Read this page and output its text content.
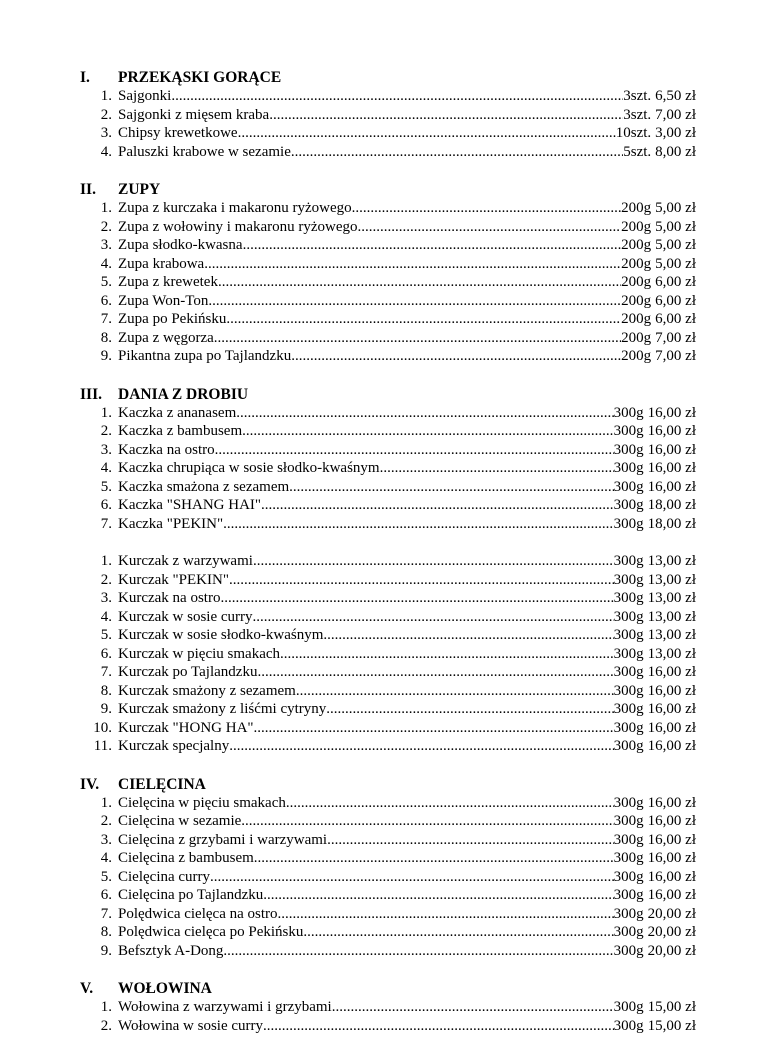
I.	PRZEKĄSKI GORĄCE
1. Sajgonki .....	3szt. 6,50 zł
2. Sajgonki z mięsem kraba .....	3szt. 7,00 zł
3. Chipsy krewetkowe .....	10szt. 3,00 zł
4. Paluszki krabowe w sezamie .....	5szt. 8,00 zł
II.	ZUPY
1. Zupa z kurczaka i makaronu ryżowego .....	200g 5,00 zł
2. Zupa z wołowiny i makaronu ryżowego .....	200g 5,00 zł
3. Zupa słodko-kwasna .....	200g 5,00 zł
4. Zupa krabowa .....	200g 5,00 zł
5. Zupa z krewetek .....	200g 6,00 zł
6. Zupa Won-Ton .....	200g 6,00 zł
7. Zupa po Pekińsku .....	200g 6,00 zł
8. Zupa z węgorza .....	200g 7,00 zł
9. Pikantna zupa po Tajlandzku .....	200g 7,00 zł
III.	DANIA Z DROBIU
1. Kaczka z ananasem .....	300g 16,00 zł
2. Kaczka z bambusem .....	300g 16,00 zł
3. Kaczka na ostro .....	300g 16,00 zł
4. Kaczka chrupiąca w sosie słodko-kwaśnym .....	300g 16,00 zł
5. Kaczka smażona z sezamem .....	300g 16,00 zł
6. Kaczka "SHANG HAI" .....	300g 18,00 zł
7. Kaczka "PEKIN" .....	300g 18,00 zł
1. Kurczak z warzywami .....	300g 13,00 zł
2. Kurczak "PEKIN" .....	300g 13,00 zł
3. Kurczak na ostro .....	300g 13,00 zł
4. Kurczak w sosie curry .....	300g 13,00 zł
5. Kurczak w sosie słodko-kwaśnym .....	300g 13,00 zł
6. Kurczak w pięciu smakach .....	300g 13,00 zł
7. Kurczak po Tajlandzku .....	300g 16,00 zł
8. Kurczak smażony z sezamem .....	300g 16,00 zł
9. Kurczak smażony z liśćmi cytryny .....	300g 16,00 zł
10. Kurczak "HONG HA" .....	300g 16,00 zł
11. Kurczak specjalny .....	300g 16,00 zł
IV.	CIELĘCINA
1. Cielęcina w pięciu smakach .....	300g 16,00 zł
2. Cielęcina w sezamie .....	300g 16,00 zł
3. Cielęcina z grzybami i warzywami .....	300g 16,00 zł
4. Cielęcina z bambusem .....	300g 16,00 zł
5. Cielęcina curry .....	300g 16,00 zł
6. Cielęcina po Tajlandzku .....	300g 16,00 zł
7. Polędwica cielęca na ostro .....	300g 20,00 zł
8. Polędwica cielęca po Pekińsku .....	300g 20,00 zł
9. Befsztyk A-Dong .....	300g 20,00 zł
V.	WOŁOWINA
1. Wołowina z warzywami i grzybami .....	300g 15,00 zł
2. Wołowina w sosie curry .....	300g 15,00 zł
